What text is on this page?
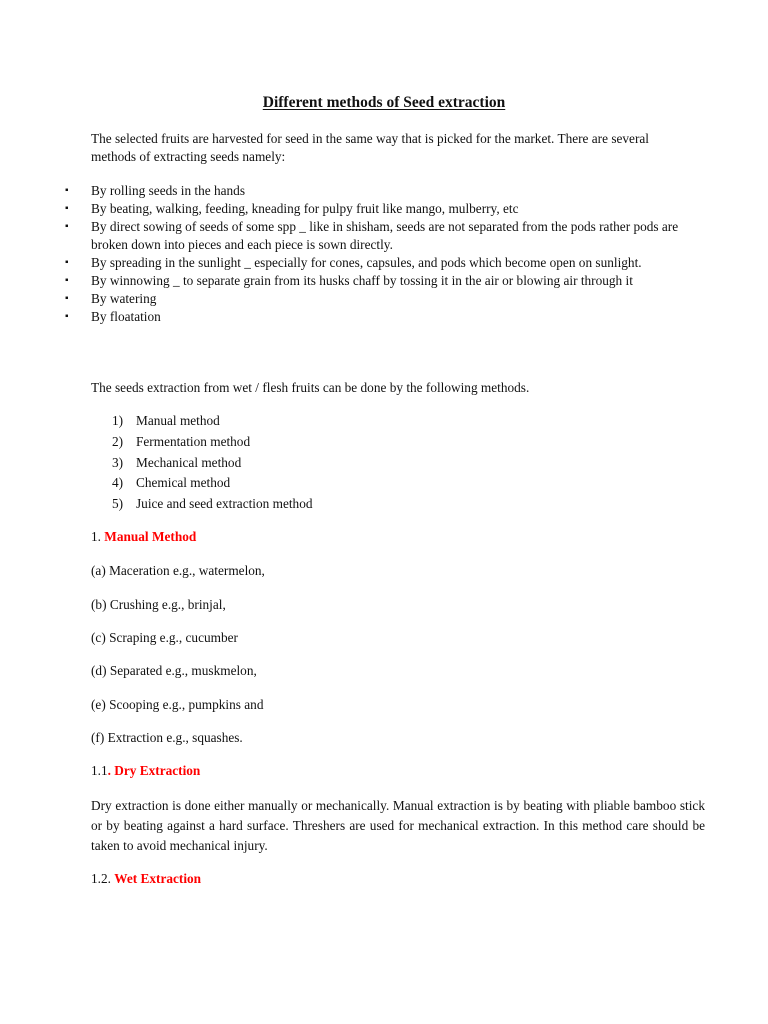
Different methods of Seed extraction

The selected fruits are harvested for seed in the same way that is picked for the market. There are several methods of extracting seeds namely:

▪ By rolling seeds in the hands
▪ By beating, walking, feeding, kneading for pulpy fruit like mango, mulberry, etc
▪ By direct sowing of seeds of some spp _ like in shisham, seeds are not separated from the pods rather pods are broken down into pieces and each piece is sown directly.
▪ By spreading in the sunlight _ especially for cones, capsules, and pods which become open on sunlight.
▪ By winnowing _ to separate grain from its husks chaff by tossing it in the air or blowing air through it
▪ By watering
▪ By floatation

The seeds extraction from wet / flesh fruits can be done by the following methods.

1) Manual method
2) Fermentation method
3) Mechanical method
4) Chemical method
5) Juice and seed extraction method
1. Manual Method
(a) Maceration e.g., watermelon,
(b) Crushing e.g., brinjal,
(c) Scraping e.g., cucumber
(d) Separated e.g., muskmelon,
(e) Scooping e.g., pumpkins and
(f) Extraction e.g., squashes.
1.1. Dry Extraction

Dry extraction is done either manually or mechanically. Manual extraction is by beating with pliable bamboo stick or by beating against a hard surface. Threshers are used for mechanical extraction. In this method care should be taken to avoid mechanical injury.

1.2. Wet Extraction
